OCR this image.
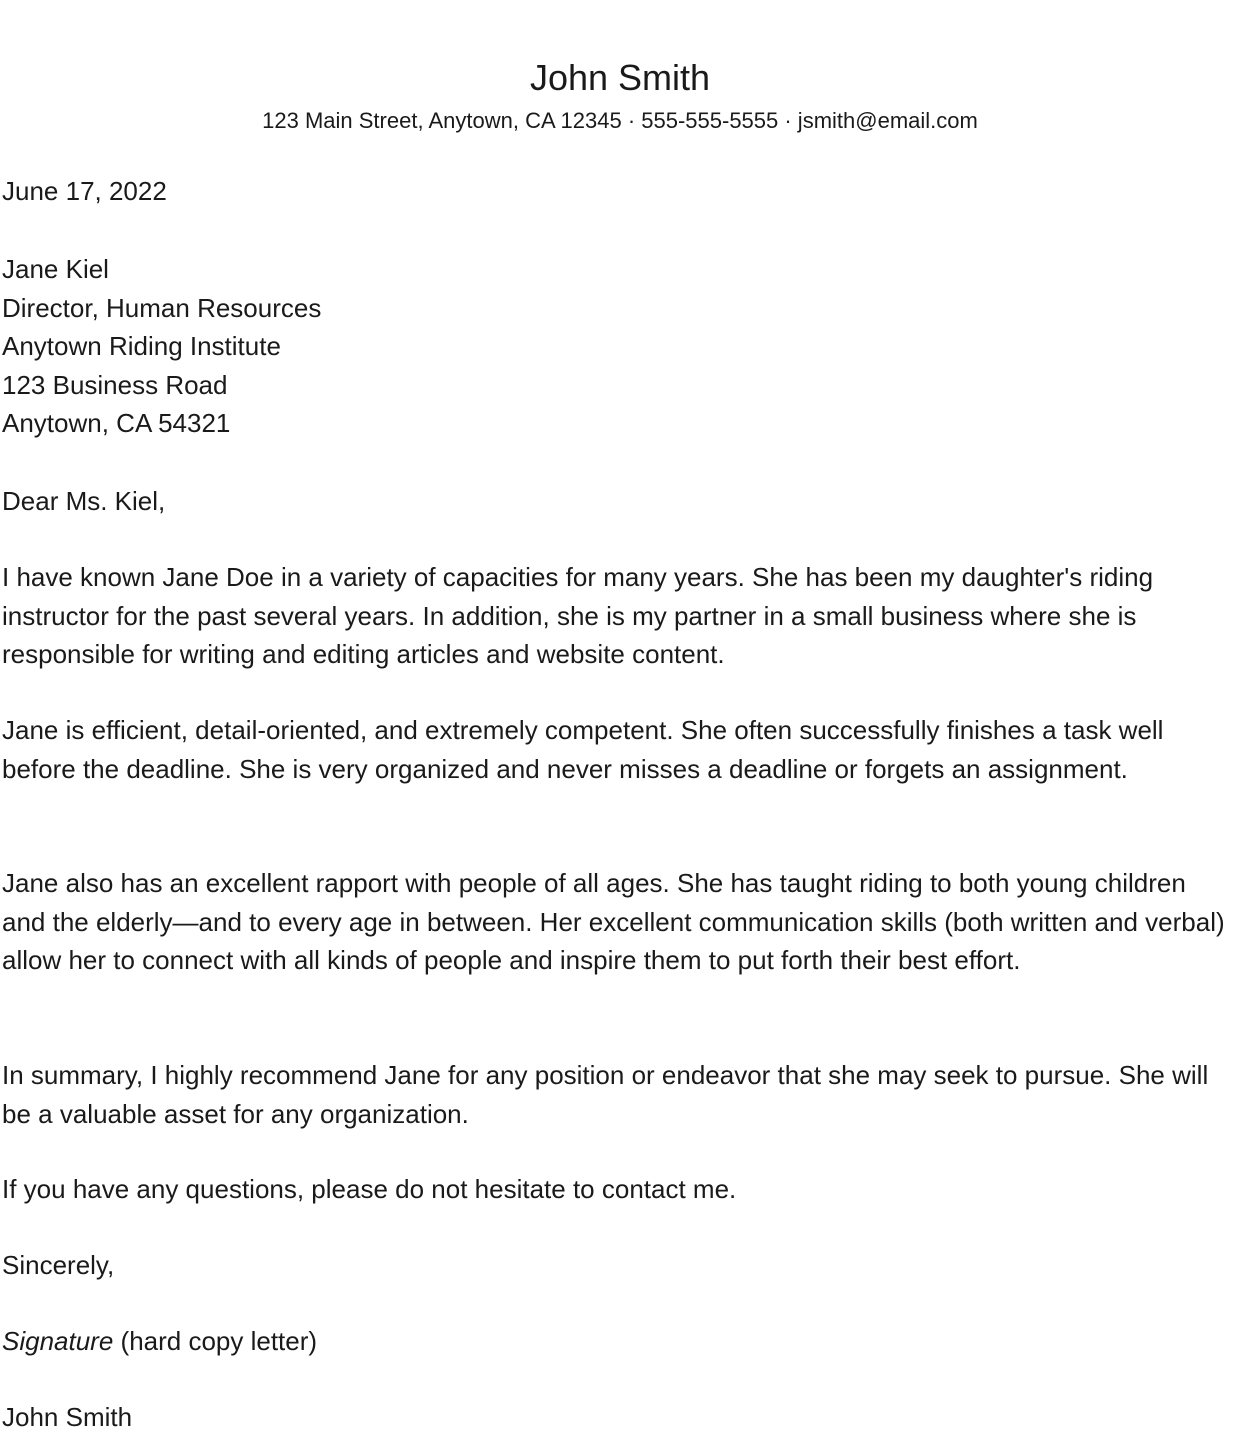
John Smith
123 Main Street, Anytown, CA 12345 · 555-555-5555 · jsmith@email.com

June 17, 2022

Jane Kiel
Director, Human Resources
Anytown Riding Institute
123 Business Road
Anytown, CA 54321

Dear Ms. Kiel,

I have known Jane Doe in a variety of capacities for many years. She has been my daughter's riding instructor for the past several years. In addition, she is my partner in a small business where she is responsible for writing and editing articles and website content.

Jane is efficient, detail-oriented, and extremely competent. She often successfully finishes a task well before the deadline. She is very organized and never misses a deadline or forgets an assignment.

Jane also has an excellent rapport with people of all ages. She has taught riding to both young children and the elderly—and to every age in between. Her excellent communication skills (both written and verbal) allow her to connect with all kinds of people and inspire them to put forth their best effort.

In summary, I highly recommend Jane for any position or endeavor that she may seek to pursue. She will be a valuable asset for any organization.

If you have any questions, please do not hesitate to contact me.

Sincerely,

Signature (hard copy letter)

John Smith
